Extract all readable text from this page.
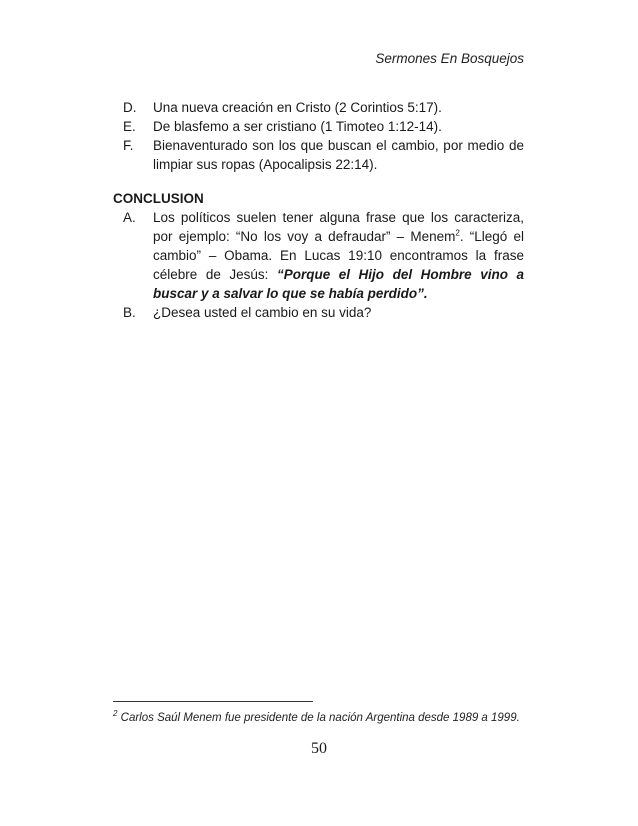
Sermones En Bosquejos
D.	Una nueva creación en Cristo (2 Corintios 5:17).
E.	De blasfemo a ser cristiano (1 Timoteo 1:12-14).
F.	Bienaventurado son los que buscan el cambio, por medio de limpiar sus ropas (Apocalipsis 22:14).
CONCLUSION
A.	Los políticos suelen tener alguna frase que los caracteriza, por ejemplo: “No los voy a defraudar” – Menem$^2$. “Llegó el cambio” – Obama. En Lucas 19:10 encontramos la frase célebre de Jesús: “Porque el Hijo del Hombre vino a buscar y a salvar lo que se había perdido”.
B.	¿Desea usted el cambio en su vida?
$^2$ Carlos Saúl Menem fue presidente de la nación Argentina desde 1989 a 1999.
50
